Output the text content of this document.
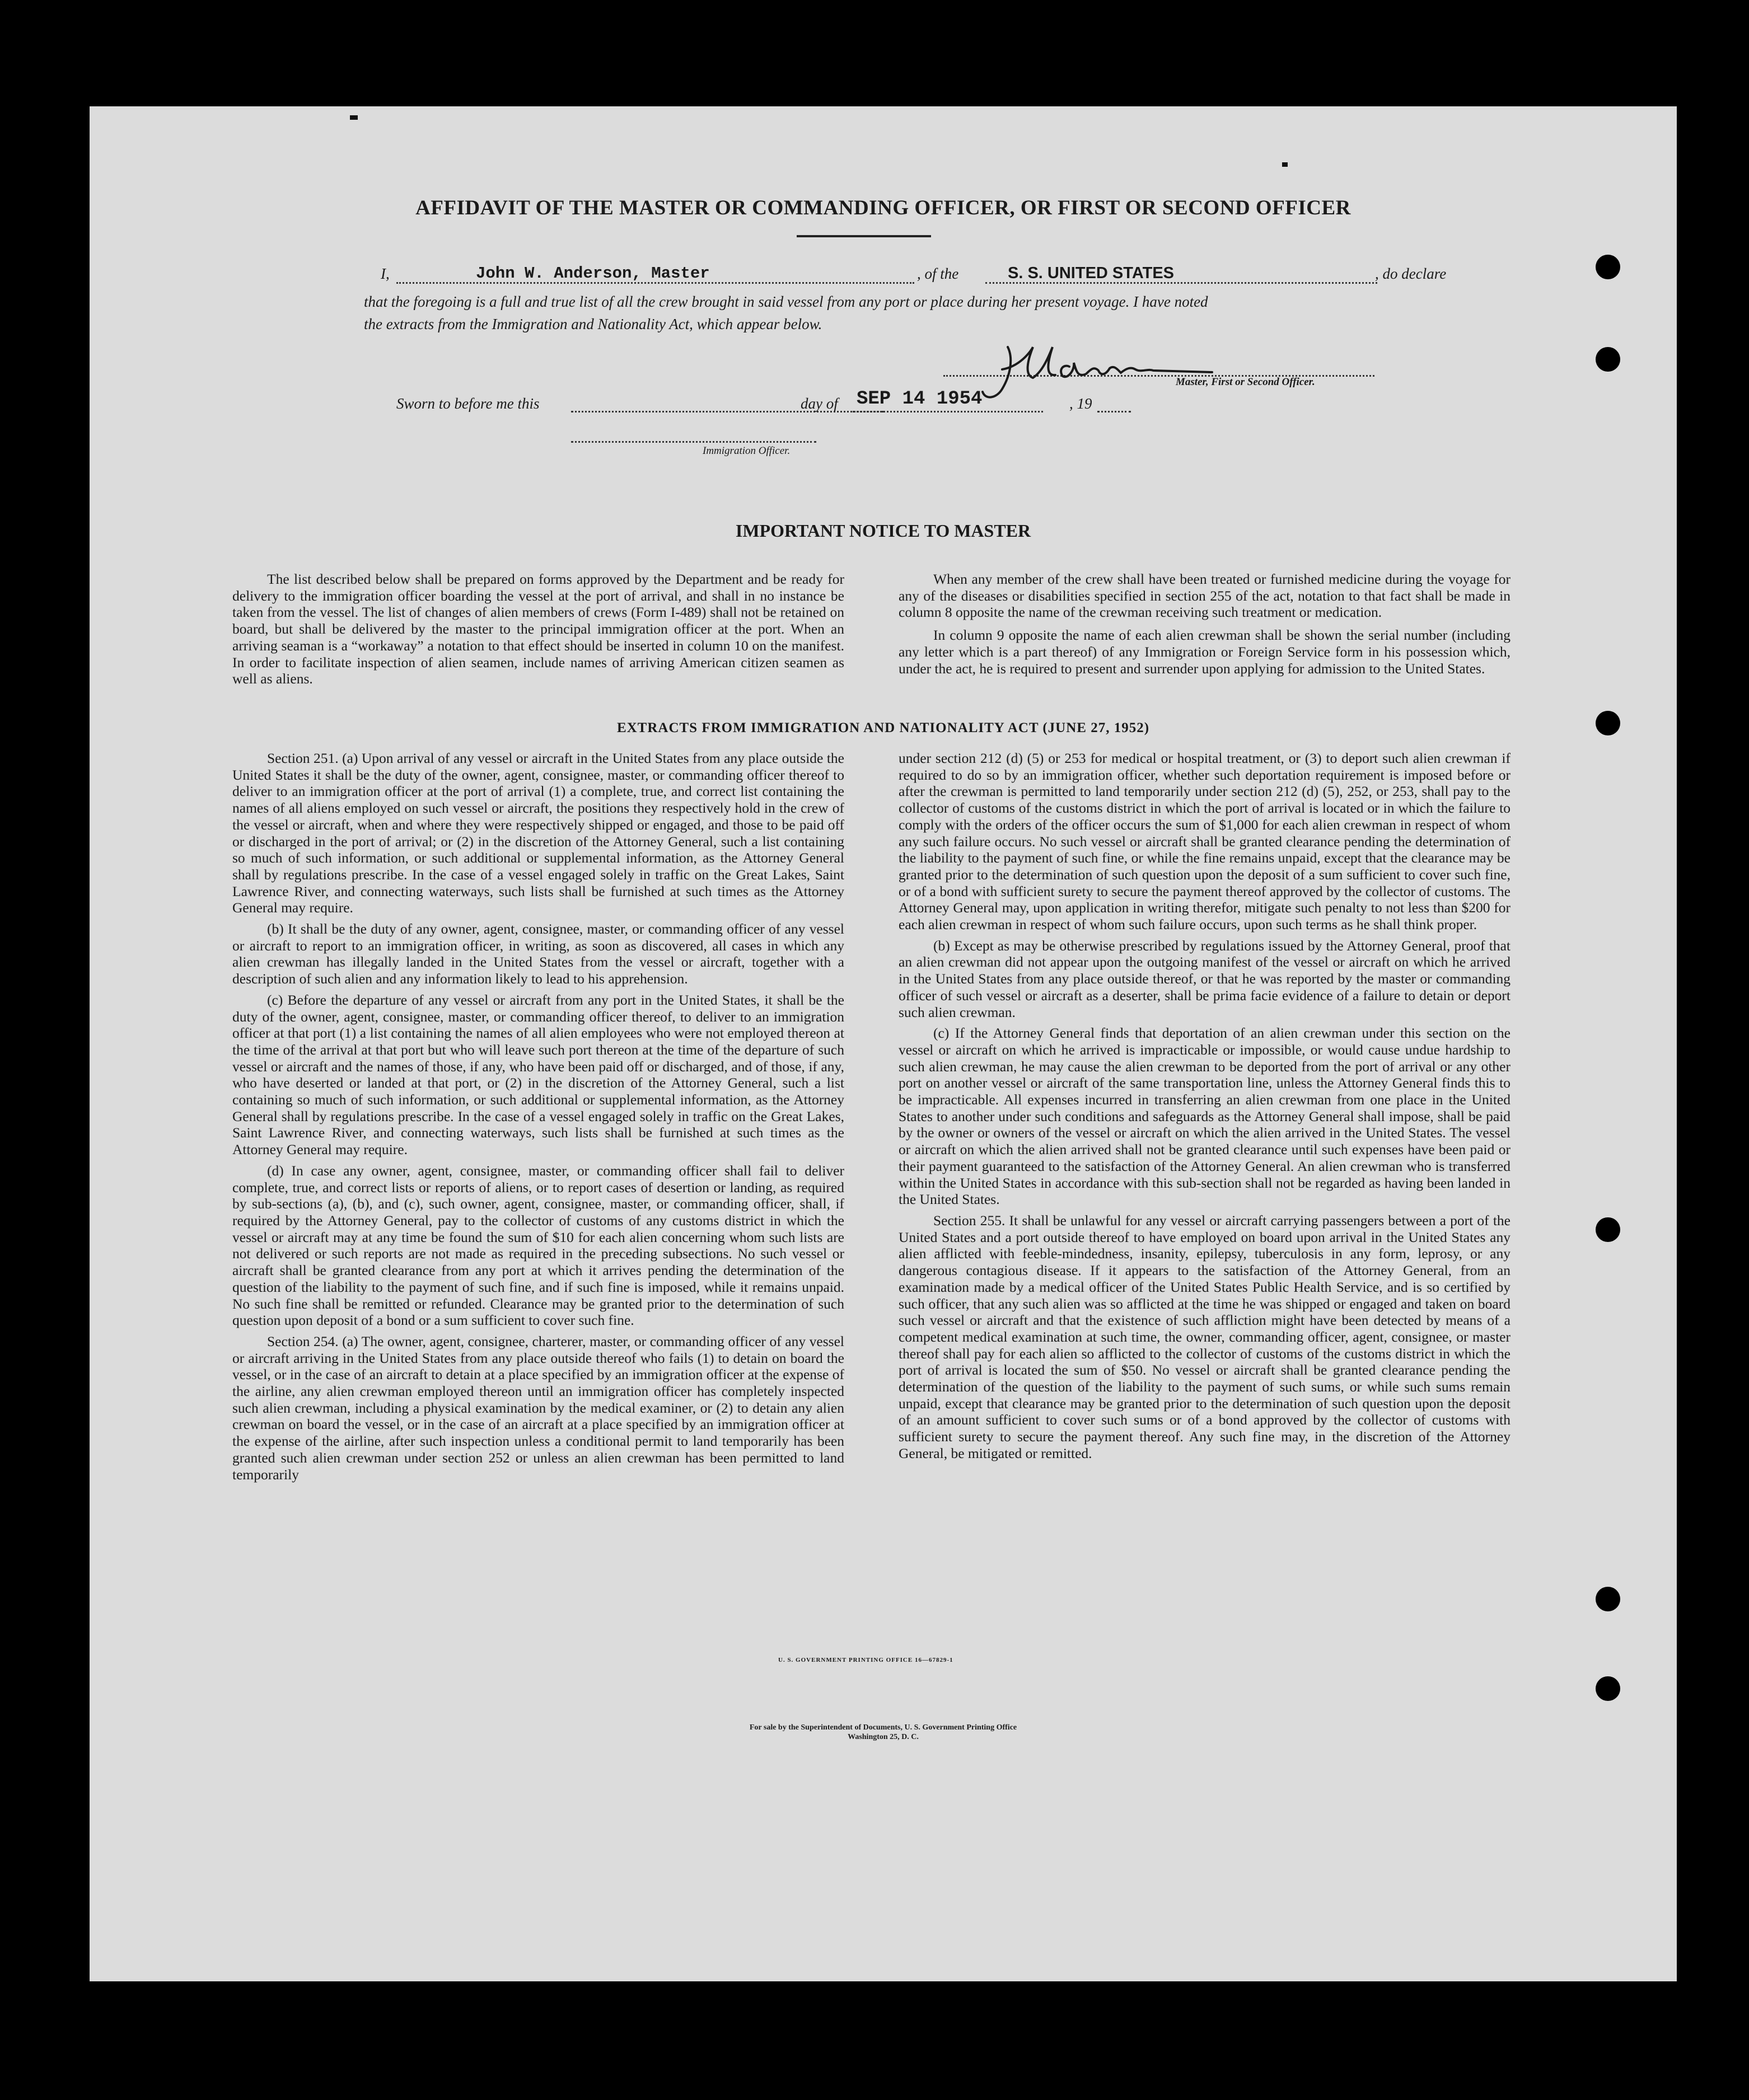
AFFIDAVIT OF THE MASTER OR COMMANDING OFFICER, OR FIRST OR SECOND OFFICER
I,	John W. Anderson, Master	, of the	S. S. UNITED STATES	, do declare
that the foregoing is a full and true list of all the crew brought in said vessel from any port or place during her present voyage. I have noted
the extracts from the Immigration and Nationality Act, which appear below.
Master, First or Second Officer.
Sworn to before me this	day of SEP 14 1954	, 19
Immigration Officer.
IMPORTANT NOTICE TO MASTER

The list described below shall be prepared on forms approved by the Department and be ready for delivery to the immigration officer boarding the vessel at the port of arrival, and shall in no instance be taken from the vessel. The list of changes of alien members of crews (Form I-489) shall not be retained on board, but shall be delivered by the master to the principal immigration officer at the port. When an arriving seaman is a “workaway” a notation to that effect should be inserted in column 10 on the manifest. In order to facilitate inspection of alien seamen, include names of arriving American citizen seamen as well as aliens.

When any member of the crew shall have been treated or furnished medicine during the voyage for any of the diseases or disabilities specified in section 255 of the act, notation to that fact shall be made in column 8 opposite the name of the crewman receiving such treatment or medication.

In column 9 opposite the name of each alien crewman shall be shown the serial number (including any letter which is a part thereof) of any Immigration or Foreign Service form in his possession which, under the act, he is required to present and surrender upon applying for admission to the United States.

EXTRACTS FROM IMMIGRATION AND NATIONALITY ACT (JUNE 27, 1952)

Section 251. (a) Upon arrival of any vessel or aircraft in the United States from any place outside the United States it shall be the duty of the owner, agent, consignee, master, or commanding officer thereof to deliver to an immigration officer at the port of arrival (1) a complete, true, and correct list containing the names of all aliens employed on such vessel or aircraft, the positions they respectively hold in the crew of the vessel or aircraft, when and where they were respectively shipped or engaged, and those to be paid off or discharged in the port of arrival; or (2) in the discretion of the Attorney General, such a list containing so much of such information, or such additional or supplemental information, as the Attorney General shall by regulations prescribe. In the case of a vessel engaged solely in traffic on the Great Lakes, Saint Lawrence River, and connecting waterways, such lists shall be furnished at such times as the Attorney General may require.

(b) It shall be the duty of any owner, agent, consignee, master, or commanding officer of any vessel or aircraft to report to an immigration officer, in writing, as soon as discovered, all cases in which any alien crewman has illegally landed in the United States from the vessel or aircraft, together with a description of such alien and any information likely to lead to his apprehension.

(c) Before the departure of any vessel or aircraft from any port in the United States, it shall be the duty of the owner, agent, consignee, master, or commanding officer thereof, to deliver to an immigration officer at that port (1) a list containing the names of all alien employees who were not employed thereon at the time of the arrival at that port but who will leave such port thereon at the time of the departure of such vessel or aircraft and the names of those, if any, who have been paid off or discharged, and of those, if any, who have deserted or landed at that port, or (2) in the discretion of the Attorney General, such a list containing so much of such information, or such additional or supplemental information, as the Attorney General shall by regulations prescribe. In the case of a vessel engaged solely in traffic on the Great Lakes, Saint Lawrence River, and connecting waterways, such lists shall be furnished at such times as the Attorney General may require.

(d) In case any owner, agent, consignee, master, or commanding officer shall fail to deliver complete, true, and correct lists or reports of aliens, or to report cases of desertion or landing, as required by sub-sections (a), (b), and (c), such owner, agent, consignee, master, or commanding officer, shall, if required by the Attorney General, pay to the collector of customs of any customs district in which the vessel or aircraft may at any time be found the sum of $10 for each alien concerning whom such lists are not delivered or such reports are not made as required in the preceding subsections. No such vessel or aircraft shall be granted clearance from any port at which it arrives pending the determination of the question of the liability to the payment of such fine, and if such fine is imposed, while it remains unpaid. No such fine shall be remitted or refunded. Clearance may be granted prior to the determination of such question upon deposit of a bond or a sum sufficient to cover such fine.

Section 254. (a) The owner, agent, consignee, charterer, master, or commanding officer of any vessel or aircraft arriving in the United States from any place outside thereof who fails (1) to detain on board the vessel, or in the case of an aircraft to detain at a place specified by an immigration officer at the expense of the airline, any alien crewman employed thereon until an immigration officer has completely inspected such alien crewman, including a physical examination by the medical examiner, or (2) to detain any alien crewman on board the vessel, or in the case of an aircraft at a place specified by an immigration officer at the expense of the airline, after such inspection unless a conditional permit to land temporarily has been granted such alien crewman under section 252 or unless an alien crewman has been permitted to land temporarily

under section 212 (d) (5) or 253 for medical or hospital treatment, or (3) to deport such alien crewman if required to do so by an immigration officer, whether such deportation requirement is imposed before or after the crewman is permitted to land temporarily under section 212 (d) (5), 252, or 253, shall pay to the collector of customs of the customs district in which the port of arrival is located or in which the failure to comply with the orders of the officer occurs the sum of $1,000 for each alien crewman in respect of whom any such failure occurs. No such vessel or aircraft shall be granted clearance pending the determination of the liability to the payment of such fine, or while the fine remains unpaid, except that the clearance may be granted prior to the determination of such question upon the deposit of a sum sufficient to cover such fine, or of a bond with sufficient surety to secure the payment thereof approved by the collector of customs. The Attorney General may, upon application in writing therefor, mitigate such penalty to not less than $200 for each alien crewman in respect of whom such failure occurs, upon such terms as he shall think proper.

(b) Except as may be otherwise prescribed by regulations issued by the Attorney General, proof that an alien crewman did not appear upon the outgoing manifest of the vessel or aircraft on which he arrived in the United States from any place outside thereof, or that he was reported by the master or commanding officer of such vessel or aircraft as a deserter, shall be prima facie evidence of a failure to detain or deport such alien crewman.

(c) If the Attorney General finds that deportation of an alien crewman under this section on the vessel or aircraft on which he arrived is impracticable or impossible, or would cause undue hardship to such alien crewman, he may cause the alien crewman to be deported from the port of arrival or any other port on another vessel or aircraft of the same transportation line, unless the Attorney General finds this to be impracticable. All expenses incurred in transferring an alien crewman from one place in the United States to another under such conditions and safeguards as the Attorney General shall impose, shall be paid by the owner or owners of the vessel or aircraft on which the alien arrived in the United States. The vessel or aircraft on which the alien arrived shall not be granted clearance until such expenses have been paid or their payment guaranteed to the satisfaction of the Attorney General. An alien crewman who is transferred within the United States in accordance with this sub-section shall not be regarded as having been landed in the United States.

Section 255. It shall be unlawful for any vessel or aircraft carrying passengers between a port of the United States and a port outside thereof to have employed on board upon arrival in the United States any alien afflicted with feeble-mindedness, insanity, epilepsy, tuberculosis in any form, leprosy, or any dangerous contagious disease. If it appears to the satisfaction of the Attorney General, from an examination made by a medical officer of the United States Public Health Service, and is so certified by such officer, that any such alien was so afflicted at the time he was shipped or engaged and taken on board such vessel or aircraft and that the existence of such affliction might have been detected by means of a competent medical examination at such time, the owner, commanding officer, agent, consignee, or master thereof shall pay for each alien so afflicted to the collector of customs of the customs district in which the port of arrival is located the sum of $50. No vessel or aircraft shall be granted clearance pending the determination of the question of the liability to the payment of such sums, or while such sums remain unpaid, except that clearance may be granted prior to the determination of such question upon the deposit of an amount sufficient to cover such sums or of a bond approved by the collector of customs with sufficient surety to secure the payment thereof. Any such fine may, in the discretion of the Attorney General, be mitigated or remitted.

U. S. GOVERNMENT PRINTING OFFICE 16—67829-1
For sale by the Superintendent of Documents, U. S. Government Printing Office
Washington 25, D. C.
